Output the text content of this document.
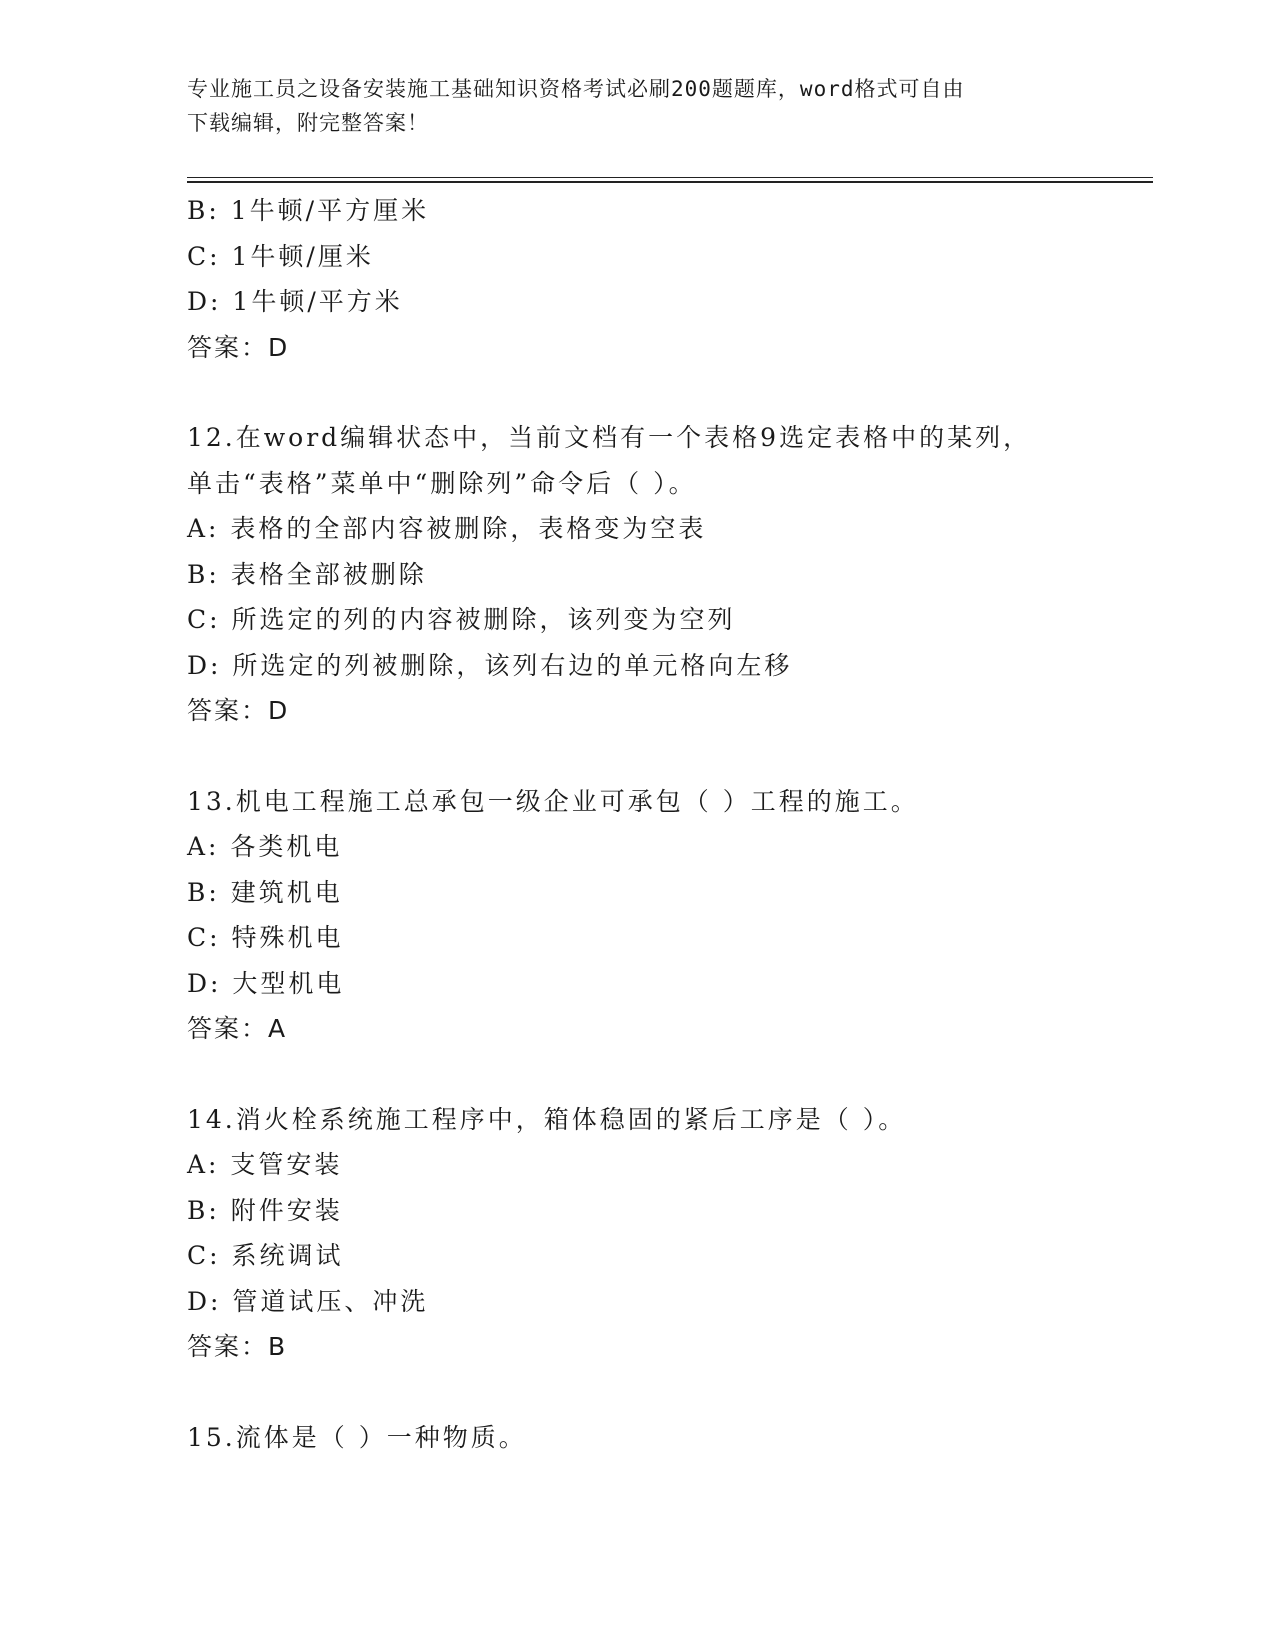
专业施工员之设备安装施工基础知识资格考试必刷200题题库，word格式可自由
下载编辑，附完整答案！
B: 1牛顿/平方厘米
C: 1牛顿/厘米
D: 1牛顿/平方米
答案：D
12.在word编辑状态中，当前文档有一个表格9选定表格中的某列，
单击“表格”菜单中“删除列”命令后（ ）。
A: 表格的全部内容被删除，表格变为空表
B: 表格全部被删除
C: 所选定的列的内容被删除，该列变为空列
D: 所选定的列被删除，该列右边的单元格向左移
答案：D
13.机电工程施工总承包一级企业可承包（ ）工程的施工。
A: 各类机电
B: 建筑机电
C: 特殊机电
D: 大型机电
答案：A
14.消火栓系统施工程序中，箱体稳固的紧后工序是（ ）。
A: 支管安装
B: 附件安装
C: 系统调试
D: 管道试压、冲洗
答案：B
15.流体是（ ）一种物质。
